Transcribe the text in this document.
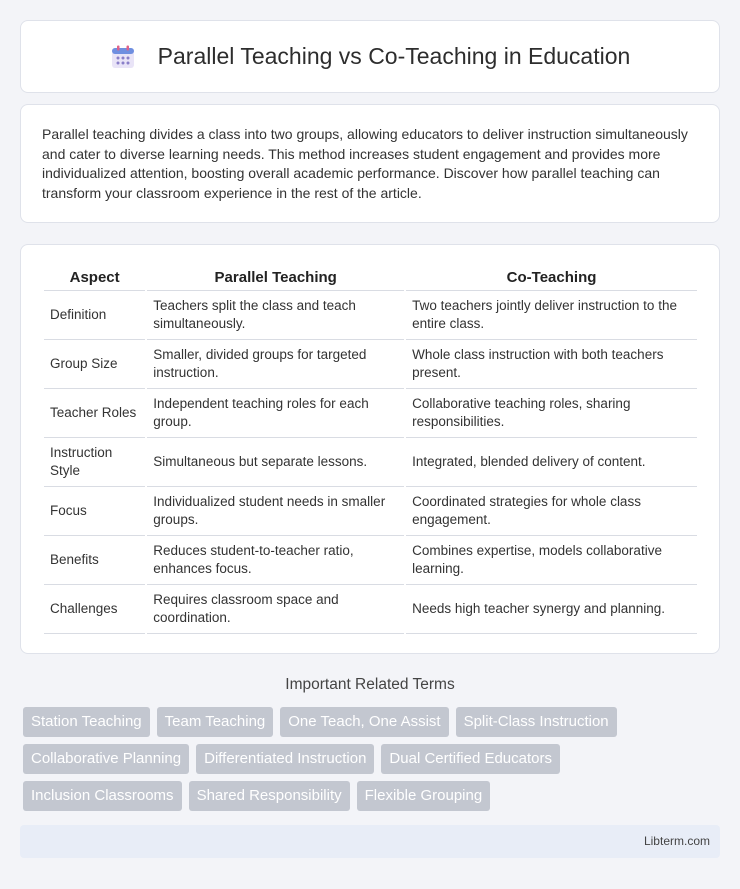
Parallel Teaching vs Co-Teaching in Education

Parallel teaching divides a class into two groups, allowing educators to deliver instruction simultaneously and cater to diverse learning needs. This method increases student engagement and provides more individualized attention, boosting overall academic performance. Discover how parallel teaching can transform your classroom experience in the rest of the article.

Aspect	Parallel Teaching	Co-Teaching
Definition	Teachers split the class and teach simultaneously.	Two teachers jointly deliver instruction to the entire class.
Group Size	Smaller, divided groups for targeted instruction.	Whole class instruction with both teachers present.
Teacher Roles	Independent teaching roles for each group.	Collaborative teaching roles, sharing responsibilities.
Instruction Style	Simultaneous but separate lessons.	Integrated, blended delivery of content.
Focus	Individualized student needs in smaller groups.	Coordinated strategies for whole class engagement.
Benefits	Reduces student-to-teacher ratio, enhances focus.	Combines expertise, models collaborative learning.
Challenges	Requires classroom space and coordination.	Needs high teacher synergy and planning.
Important Related Terms
Station Teaching	Team Teaching	One Teach, One Assist	Split-Class Instruction
Collaborative Planning	Differentiated Instruction	Dual Certified Educators
Inclusion Classrooms	Shared Responsibility	Flexible Grouping
Libterm.com
